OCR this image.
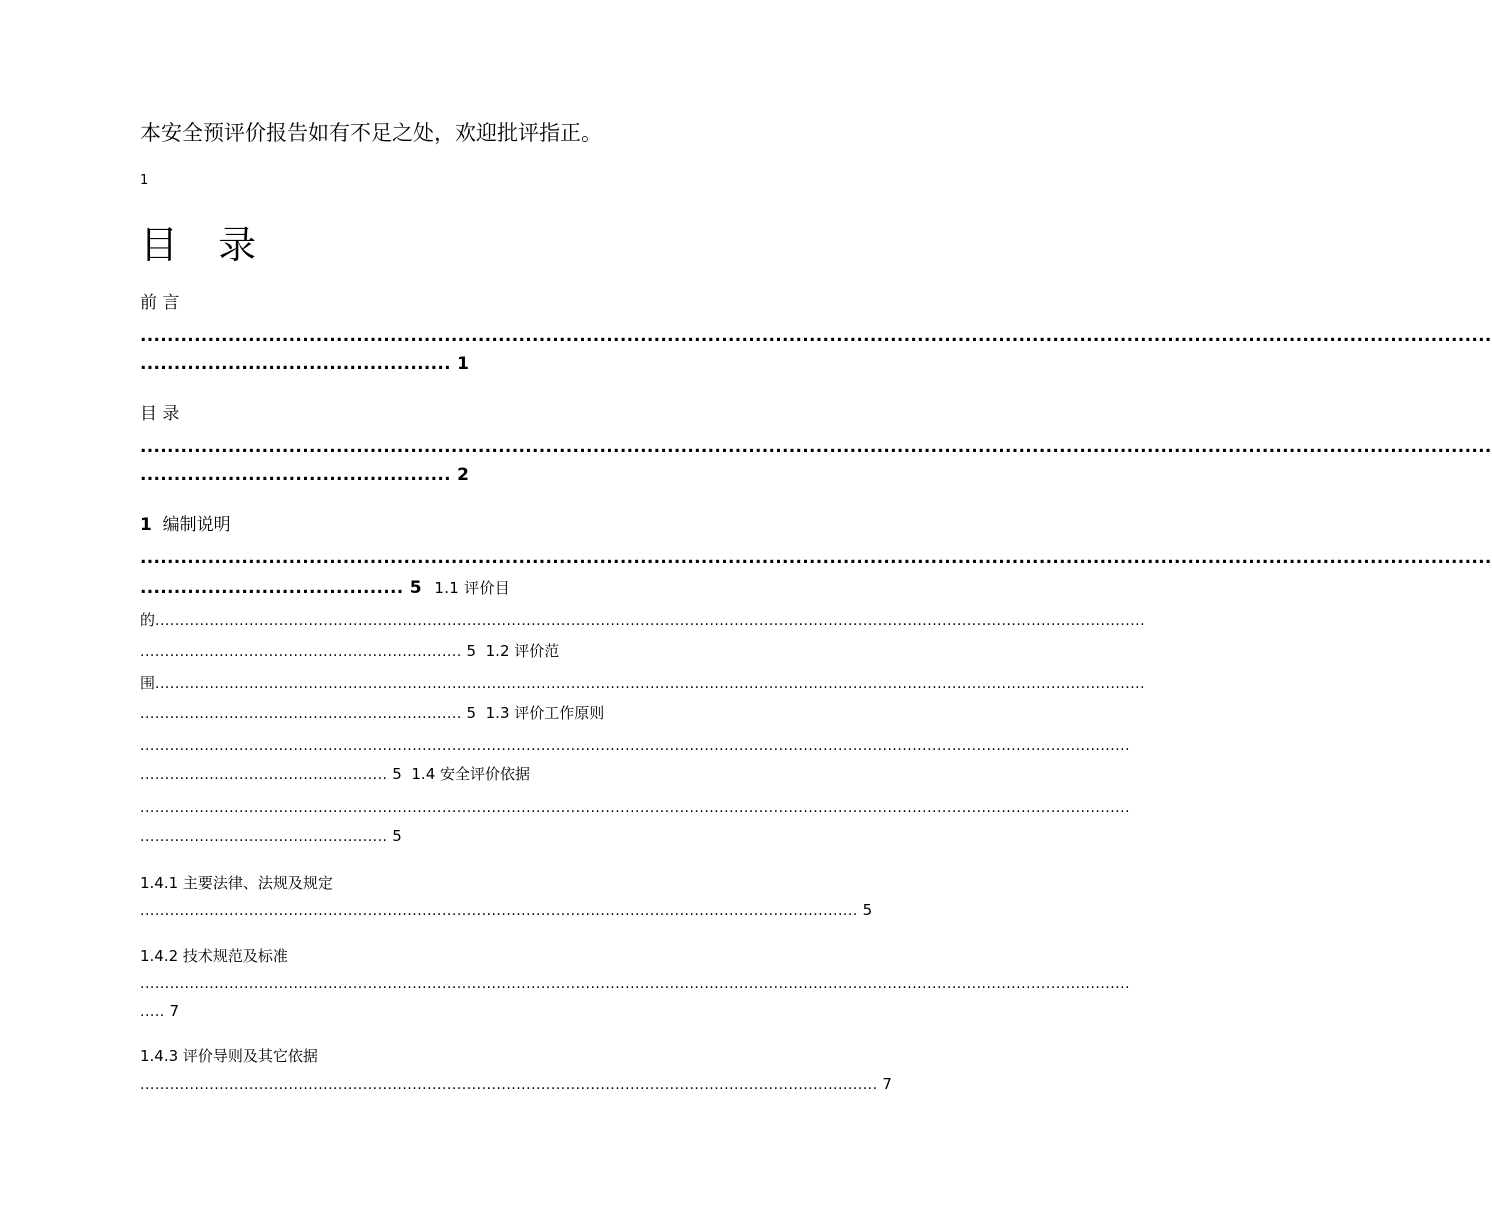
本安全预评价报告如有不足之处，欢迎批评指正。
1
目 录
前 言
........................................................................................................................................................................................................
.............................................. 1
目 录
........................................................................................................................................................................................................
.............................................. 2
1 编制说明
........................................................................................................................................................................................................
....................................... 5 1.1 评价目
的........................................................................................................................................................................................................
................................................................. 5 1.2 评价范
围........................................................................................................................................................................................................
................................................................. 5 1.3 评价工作原则
........................................................................................................................................................................................................
.................................................. 5 1.4 安全评价依据
........................................................................................................................................................................................................
.................................................. 5
1.4.1 主要法律、法规及规定
................................................................................................................................................. 5
1.4.2 技术规范及标准
........................................................................................................................................................................................................
..... 7
1.4.3 评价导则及其它依据
..................................................................................................................................................... 7
